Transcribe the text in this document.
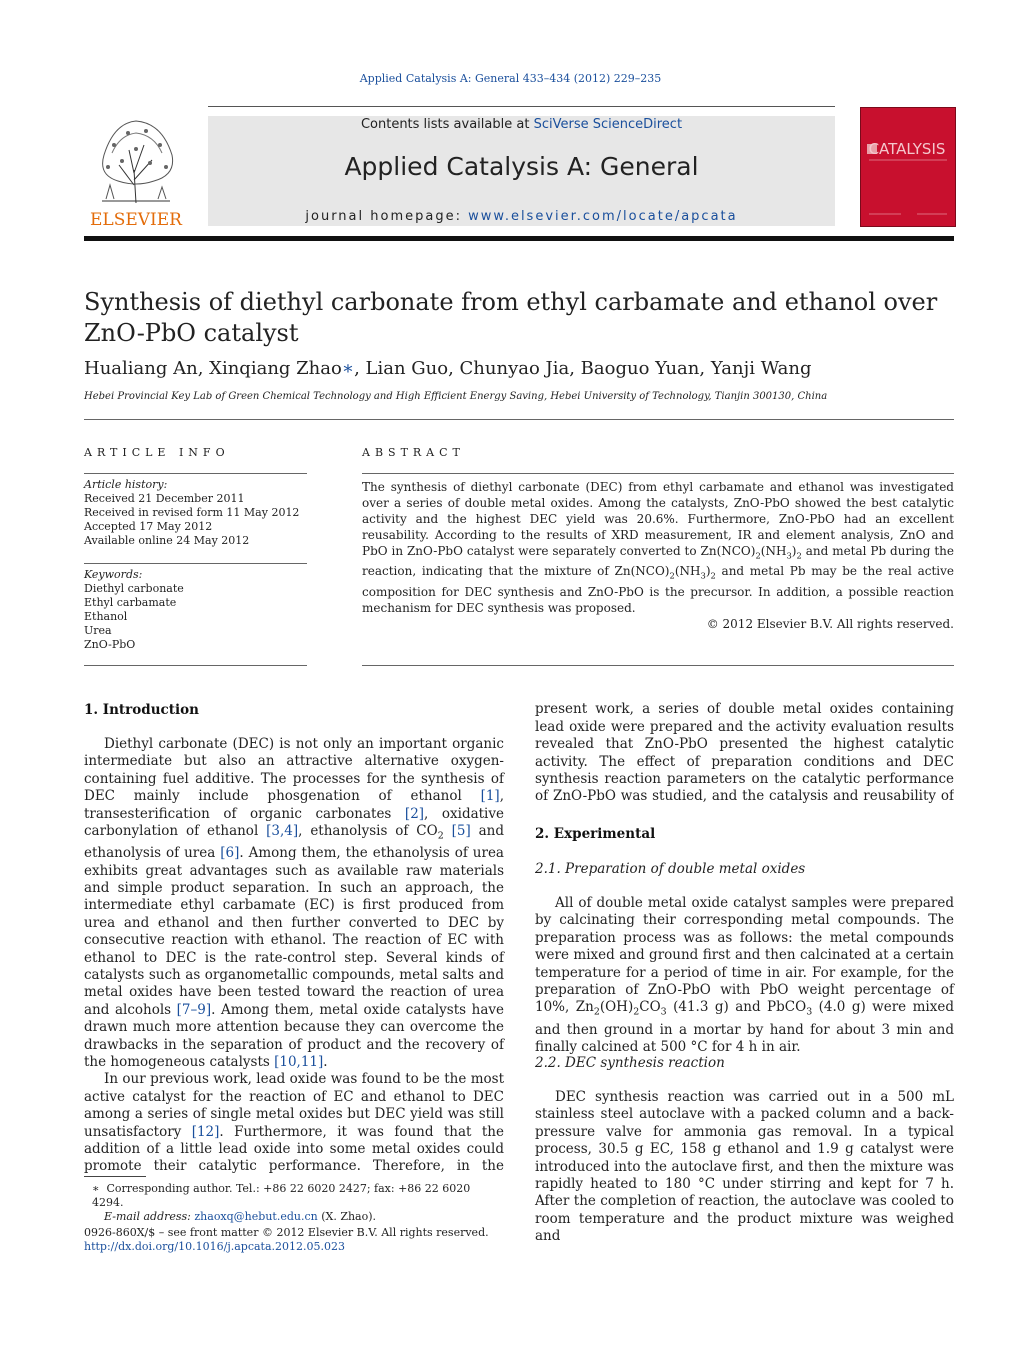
Applied Catalysis A: General 433–434 (2012) 229–235
ELSEVIER
Contents lists available at SciVerse ScienceDirect
Applied Catalysis A: General
journal homepage: www.elsevier.com/locate/apcata
CATALYSIS
Synthesis of diethyl carbonate from ethyl carbamate and ethanol over ZnO-PbO catalyst
Hualiang An, Xinqiang Zhao∗, Lian Guo, Chunyao Jia, Baoguo Yuan, Yanji Wang
Hebei Provincial Key Lab of Green Chemical Technology and High Efficient Energy Saving, Hebei University of Technology, Tianjin 300130, China
ARTICLE INFO
Article history:
Received 21 December 2011
Received in revised form 11 May 2012
Accepted 17 May 2012
Available online 24 May 2012
Keywords:
Diethyl carbonate
Ethyl carbamate
Ethanol
Urea
ZnO-PbO
ABSTRACT
The synthesis of diethyl carbonate (DEC) from ethyl carbamate and ethanol was investigated over a series of double metal oxides. Among the catalysts, ZnO-PbO showed the best catalytic activity and the highest DEC yield was 20.6%. Furthermore, ZnO-PbO had an excellent reusability. According to the results of XRD measurement, IR and element analysis, ZnO and PbO in ZnO-PbO catalyst were separately converted to $Zn(NCO)_2(NH_3)_2$ and metal Pb during the reaction, indicating that the mixture of $Zn(NCO)_2(NH_3)_2$ and metal Pb may be the real active composition for DEC synthesis and ZnO-PbO is the precursor. In addition, a possible reaction mechanism for DEC synthesis was proposed.
© 2012 Elsevier B.V. All rights reserved.
1. Introduction

Diethyl carbonate (DEC) is not only an important organic intermediate but also an attractive alternative oxygen-containing fuel additive. The processes for the synthesis of DEC mainly include phosgenation of ethanol [1], transesterification of organic carbonates [2], oxidative carbonylation of ethanol [3,4], ethanolysis of $CO_2$ [5] and ethanolysis of urea [6]. Among them, the ethanolysis of urea exhibits great advantages such as available raw materials and simple product separation. In such an approach, the intermediate ethyl carbamate (EC) is first produced from urea and ethanol and then further converted to DEC by consecutive reaction with ethanol. The reaction of EC with ethanol to DEC is the rate-control step. Several kinds of catalysts such as organometallic compounds, metal salts and metal oxides have been tested toward the reaction of urea and alcohols [7–9]. Among them, metal oxide catalysts have drawn much more attention because they can overcome the drawbacks in the separation of product and the recovery of the homogeneous catalysts [10,11].

In our previous work, lead oxide was found to be the most active catalyst for the reaction of EC and ethanol to DEC among a series of single metal oxides but DEC yield was still unsatisfactory [12]. Furthermore, it was found that the addition of a little lead oxide into some metal oxides could promote their catalytic performance. Therefore, in the

∗ Corresponding author. Tel.: +86 22 6020 2427; fax: +86 22 6020 4294.
E-mail address: zhaoxq@hebut.edu.cn (X. Zhao).
0926-860X/$ – see front matter © 2012 Elsevier B.V. All rights reserved.
http://dx.doi.org/10.1016/j.apcata.2012.05.023

present work, a series of double metal oxides containing lead oxide were prepared and the activity evaluation results revealed that ZnO-PbO presented the highest catalytic activity. The effect of preparation conditions and DEC synthesis reaction parameters on the catalytic performance of ZnO-PbO was studied, and the catalysis and reusability of

2. Experimental
2.1. Preparation of double metal oxides

All of double metal oxide catalyst samples were prepared by calcinating their corresponding metal compounds. The preparation process was as follows: the metal compounds were mixed and ground first and then calcinated at a certain temperature for a period of time in air. For example, for the preparation of ZnO-PbO with PbO weight percentage of 10%, $Zn_2(OH)_2CO_3$ (41.3 g) and PbCO$_3$ (4.0 g) were mixed and then ground in a mortar by hand for about 3 min and finally calcined at 500 °C for 4 h in air.

2.2. DEC synthesis reaction

DEC synthesis reaction was carried out in a 500 mL stainless steel autoclave with a packed column and a back-pressure valve for ammonia gas removal. In a typical process, 30.5 g EC, 158 g ethanol and 1.9 g catalyst were introduced into the autoclave first, and then the mixture was rapidly heated to 180 °C under stirring and kept for 7 h. After the completion of reaction, the autoclave was cooled to room temperature and the product mixture was weighed and
